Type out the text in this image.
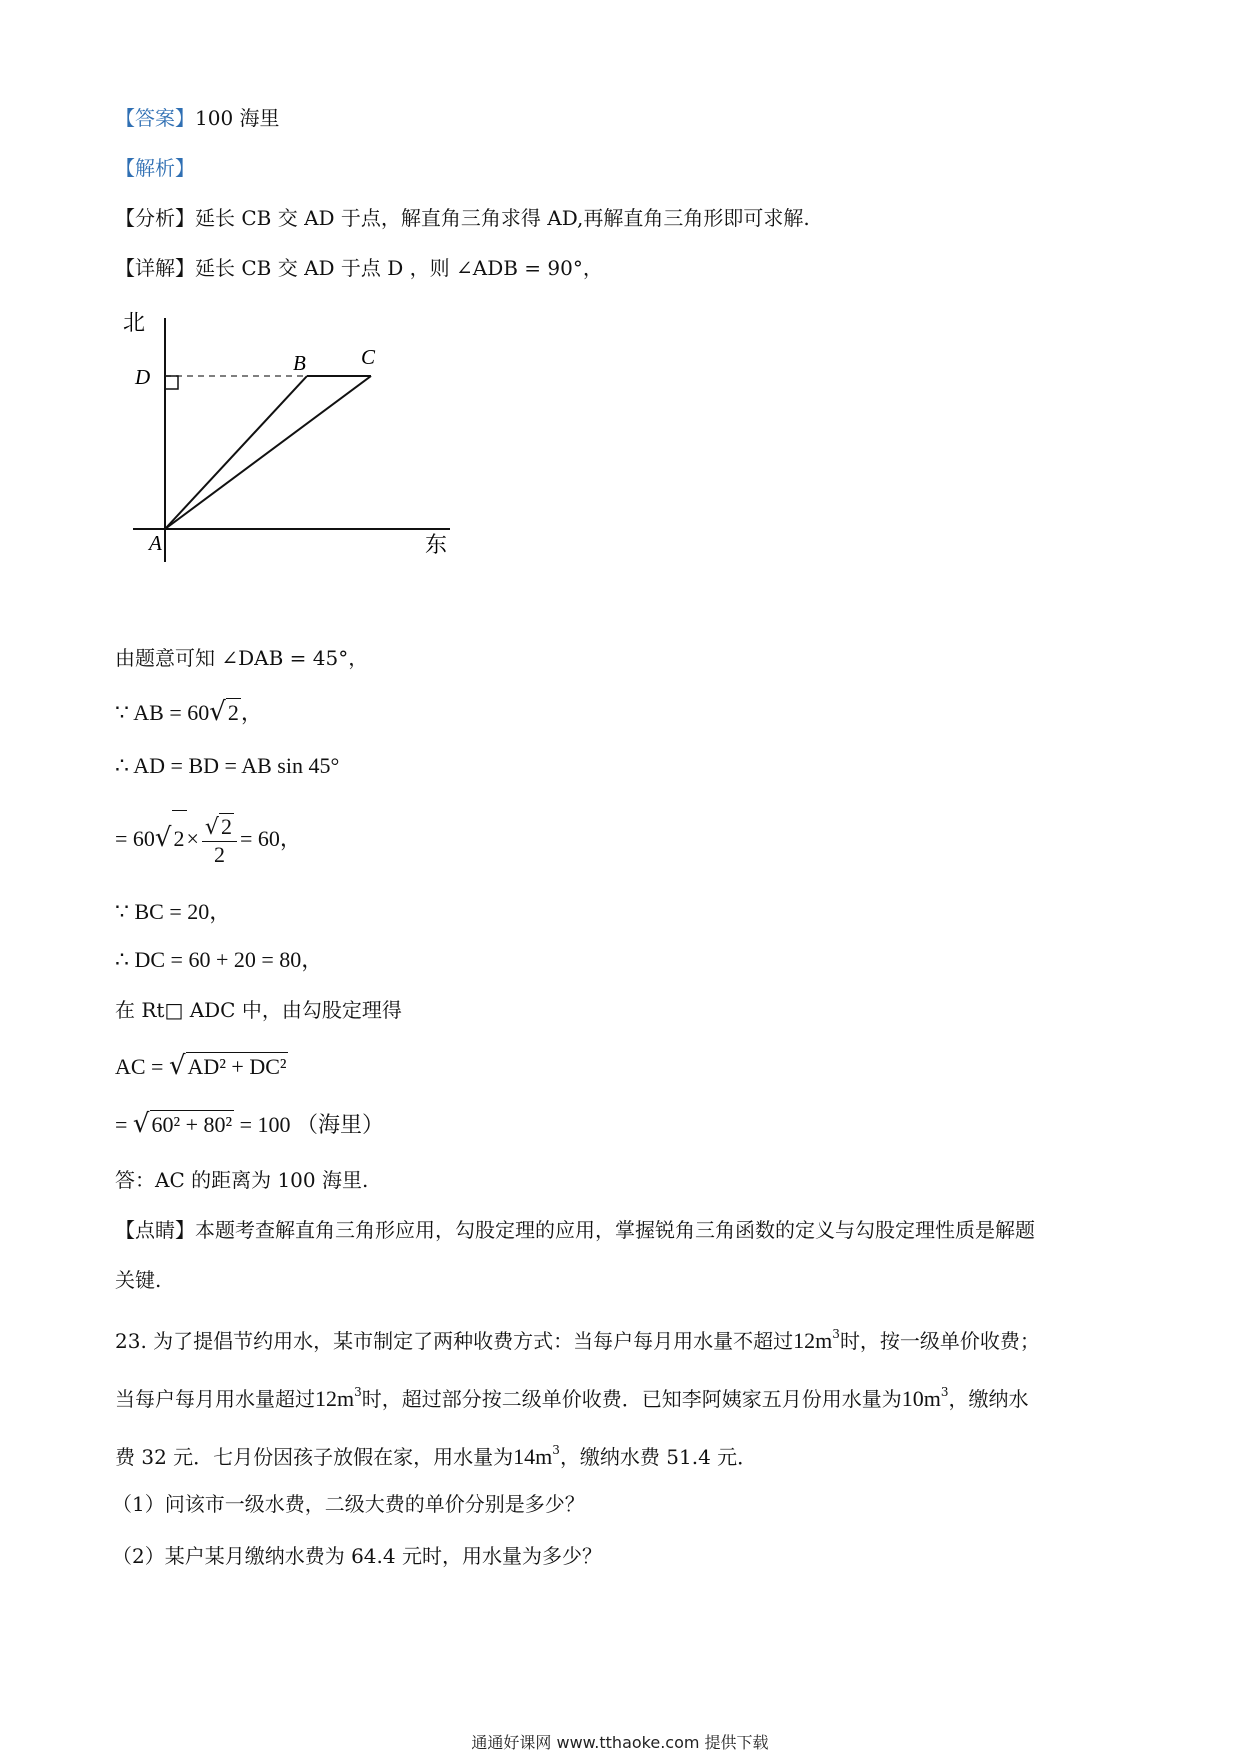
【答案】100 海里
【解析】
【分析】延长 CB 交 AD 于点，解直角三角求得 AD,再解直角三角形即可求解.
【详解】延长 CB 交 AD 于点 D ，则 ∠ADB = 90°，
北
东
A
B	C
D
由题意可知 ∠DAB = 45°，
∵ AB = 60√2，
∴ AD = BD = AB sin 45°
= $60√2\times \frac{√2}{2} = 60$，
∵ BC = 20，
∴ DC = 60 + 20 = 80，
在 Rt□ ADC 中，由勾股定理得
AC = √AD² + DC²
= √60² + 80² = 100 （海里）
答：AC 的距离为 100 海里.
【点睛】本题考查解直角三角形应用，勾股定理的应用，掌握锐角三角函数的定义与勾股定理性质是解题
关键.
23. 为了提倡节约用水，某市制定了两种收费方式：当每户每月用水量不超过$12m^3$时，按一级单价收费；
当每户每月用水量超过$12m^3$时，超过部分按二级单价收费．已知李阿姨家五月份用水量为$10m^3$，缴纳水
费 32 元．七月份因孩子放假在家，用水量为$14m^3$，缴纳水费 51.4 元．
（1）问该市一级水费，二级大费的单价分别是多少？
（2）某户某月缴纳水费为 64.4 元时，用水量为多少？
通通好课网 www.tthaoke.com 提供下载
